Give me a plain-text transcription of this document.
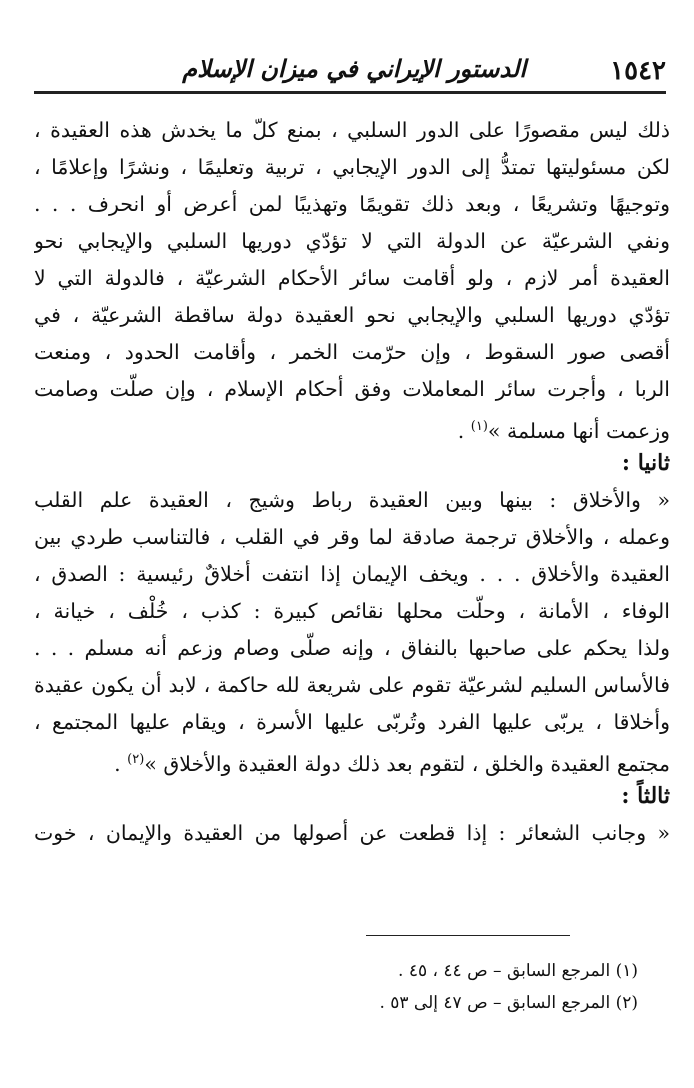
١٥٤٢
الدستور الإيراني في ميزان الإسلام
ذلك ليس مقصورًا على الدور السلبي ، بمنع كلّ ما يخدش هذه العقيدة ،
لكن مسئوليتها تمتدُّ إلى الدور الإيجابي ، تربية وتعليمًا ، ونشرًا وإعلامًا ،
وتوجيهًا وتشريعًا ، وبعد ذلك تقويمًا وتهذيبًا لمن أعرض أو انحرف . . .
ونفي الشرعيّة عن الدولة التي لا تؤدّي دوريها السلبي والإيجابي نحو
العقيدة أمر لازم ، ولو أقامت سائر الأحكام الشرعيّة ، فالدولة التي لا
تؤدّي دوريها السلبي والإيجابي نحو العقيدة دولة ساقطة الشرعيّة ، في
أقصى صور السقوط ، وإن حرّمت الخمر ، وأقامت الحدود ، ومنعت
الربا ، وأجرت سائر المعاملات وفق أحكام الإسلام ، وإن صلّت وصامت
وزعمت أنها مسلمة »$^{(١)}$ .
ثانيا :
« والأخلاق : بينها وبين العقيدة رباط وشيج ، العقيدة علم القلب
وعمله ، والأخلاق ترجمة صادقة لما وقر في القلب ، فالتناسب طردي بين
العقيدة والأخلاق . . . ويخف الإيمان إذا انتفت أخلاقٌ رئيسية : الصدق ،
الوفاء ، الأمانة ، وحلّت محلها نقائص كبيرة : كذب ، خُلْف ، خيانة ،
ولذا يحكم على صاحبها بالنفاق ، وإنه صلّى وصام وزعم أنه مسلم . . .
فالأساس السليم لشرعيّة تقوم على شريعة لله حاكمة ، لابد أن يكون عقيدة
وأخلاقا ، يربّى عليها الفرد وتُربّى عليها الأسرة ، ويقام عليها المجتمع ،
مجتمع العقيدة والخلق ، لتقوم بعد ذلك دولة العقيدة والأخلاق »$^{(٢)}$ .
ثالثاً :
« وجانب الشعائر : إذا قطعت عن أصولها من العقيدة والإيمان ، خوت
(١) المرجع السابق – ص ٤٤ ، ٤٥ .
(٢) المرجع السابق – ص ٤٧ إلى ٥٣ .
